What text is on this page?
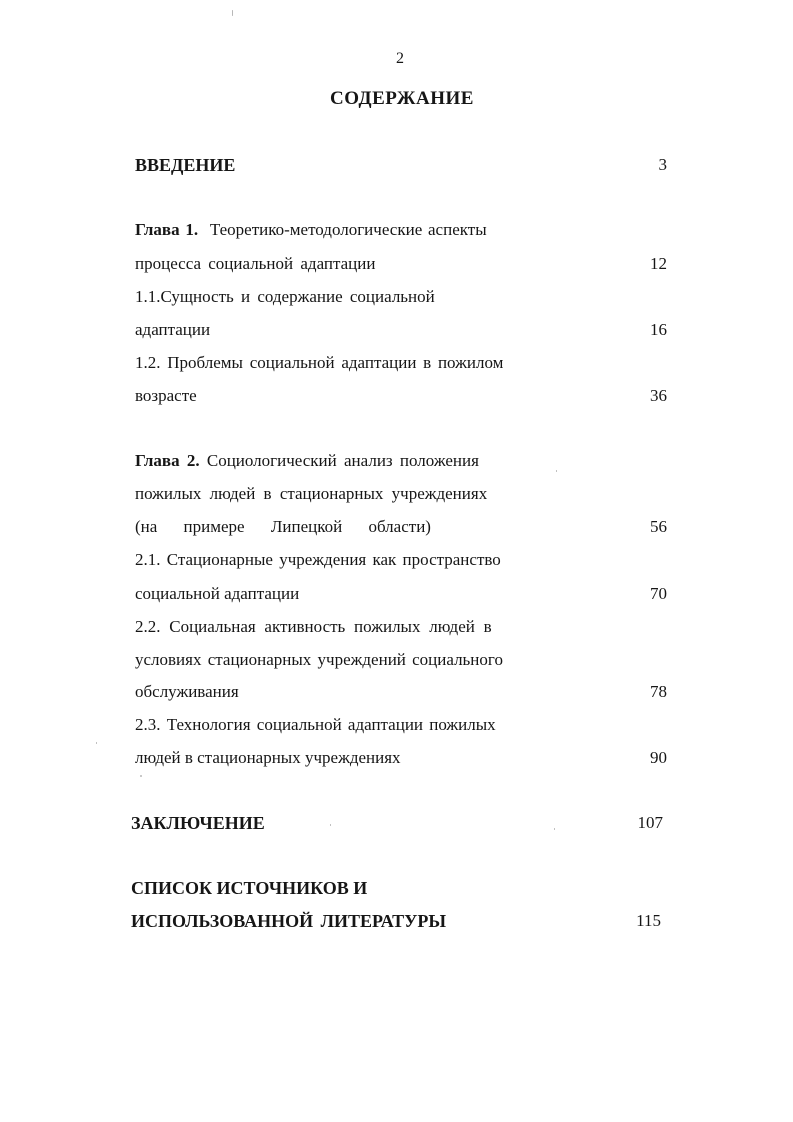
2
СОДЕРЖАНИЕ
ВВЕДЕНИЕ	3
Глава 1. Теоретико-методологические аспекты
процесса социальной адаптации	12
1.1.Сущность и содержание социальной
адаптации	16
1.2. Проблемы социальной адаптации в пожилом
возрасте	36
Глава 2. Социологический анализ положения
пожилых людей в стационарных учреждениях
(на примере Липецкой области)	56
2.1. Стационарные учреждения как пространство
социальной адаптации	70
2.2. Социальная активность пожилых людей в
условиях стационарных учреждений социального
обслуживания	78
2.3. Технология социальной адаптации пожилых
людей в стационарных учреждениях	90
ЗАКЛЮЧЕНИЕ	107
СПИСОК ИСТОЧНИКОВ И
ИСПОЛЬЗОВАННОЙ ЛИТЕРАТУРЫ	115
